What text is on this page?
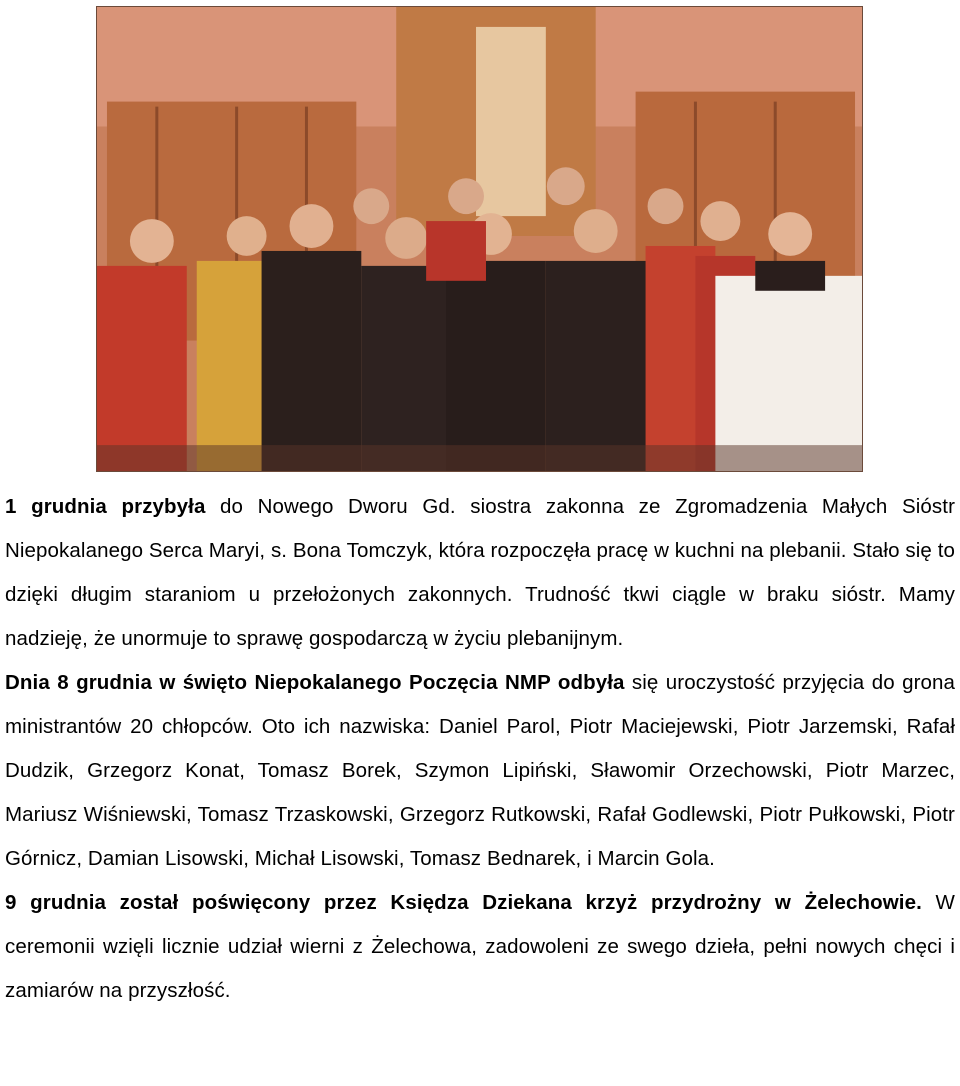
1 grudnia przybyła do Nowego Dworu Gd. siostra zakonna ze Zgromadzenia Małych Sióstr Niepokalanego Serca Maryi, s. Bona Tomczyk, która rozpoczęła pracę w kuchni na plebanii. Stało się to dzięki długim staraniom u przełożonych zakonnych. Trudność tkwi ciągle w braku sióstr. Mamy nadzieję, że unormuje to sprawę gospodarczą w życiu plebanijnym.

Dnia 8 grudnia w święto Niepokalanego Poczęcia NMP odbyła się uroczystość przyjęcia do grona ministrantów 20 chłopców. Oto ich nazwiska: Daniel Parol, Piotr Maciejewski, Piotr Jarzemski, Rafał Dudzik, Grzegorz Konat, Tomasz Borek, Szymon Lipiński, Sławomir Orzechowski, Piotr Marzec, Mariusz Wiśniewski, Tomasz Trzaskowski, Grzegorz Rutkowski, Rafał Godlewski, Piotr Pułkowski, Piotr Górnicz, Damian Lisowski, Michał Lisowski, Tomasz Bednarek, i Marcin Gola.

9 grudnia został poświęcony przez Księdza Dziekana krzyż przydrożny w Żelechowie. W ceremonii wzięli licznie udział wierni z Żelechowa, zadowoleni ze swego dzieła, pełni nowych chęci i zamiarów na przyszłość.
